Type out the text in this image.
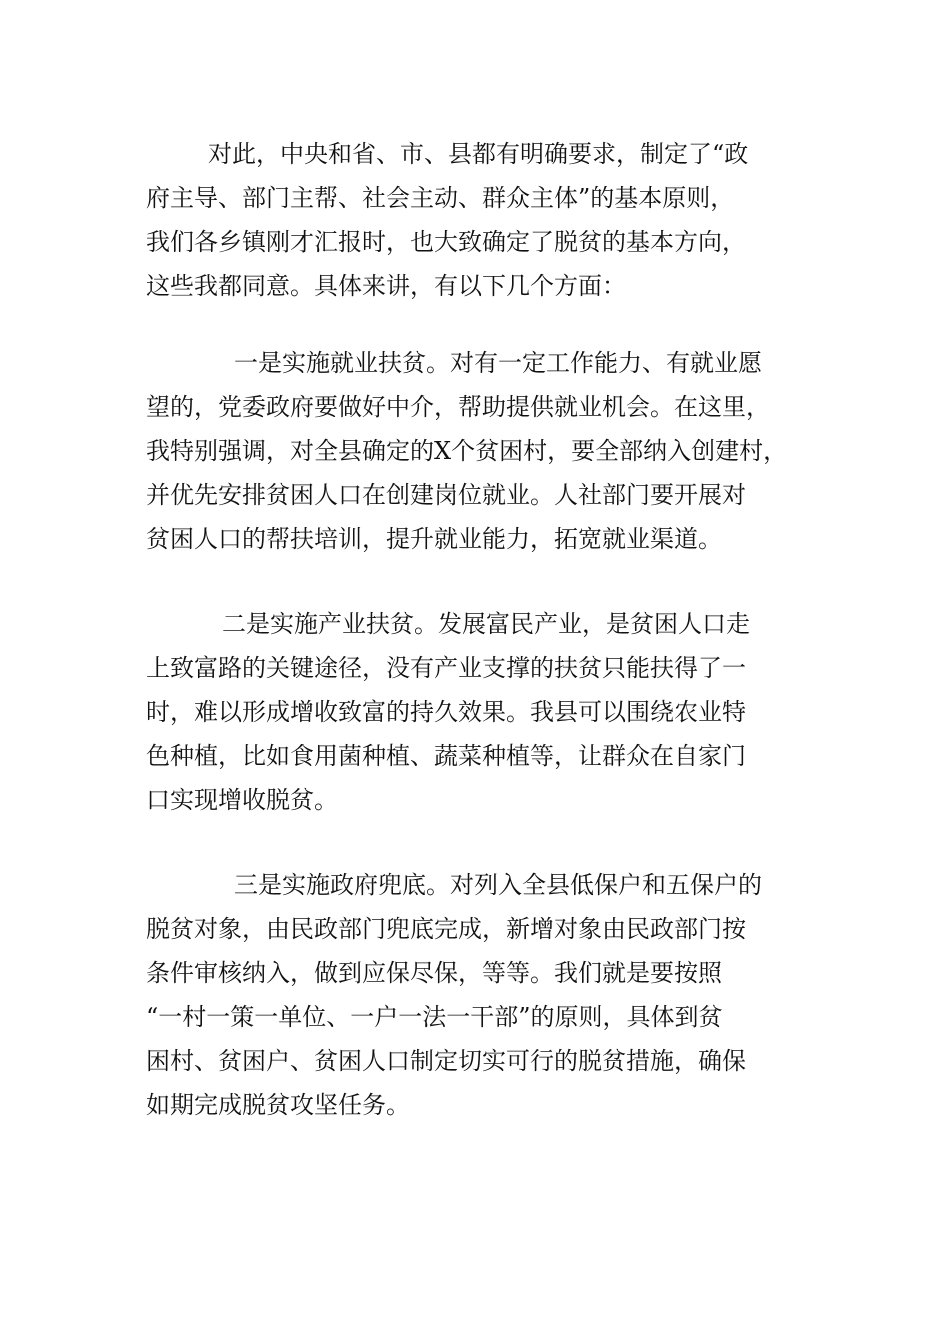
对此，中央和省、市、县都有明确要求，制定了“政
府主导、部门主帮、社会主动、群众主体”的基本原则，
我们各乡镇刚才汇报时，也大致确定了脱贫的基本方向，
这些我都同意。具体来讲，有以下几个方面：
一是实施就业扶贫。对有一定工作能力、有就业愿
望的，党委政府要做好中介，帮助提供就业机会。在这里，
我特别强调，对全县确定的X个贫困村，要全部纳入创建村，
并优先安排贫困人口在创建岗位就业。人社部门要开展对
贫困人口的帮扶培训，提升就业能力，拓宽就业渠道。
二是实施产业扶贫。发展富民产业，是贫困人口走
上致富路的关键途径，没有产业支撑的扶贫只能扶得了一
时，难以形成增收致富的持久效果。我县可以围绕农业特
色种植，比如食用菌种植、蔬菜种植等，让群众在自家门
口实现增收脱贫。
三是实施政府兜底。对列入全县低保户和五保户的
脱贫对象，由民政部门兜底完成，新增对象由民政部门按
条件审核纳入，做到应保尽保，等等。我们就是要按照
“一村一策一单位、一户一法一干部”的原则，具体到贫
困村、贫困户、贫困人口制定切实可行的脱贫措施，确保
如期完成脱贫攻坚任务。
